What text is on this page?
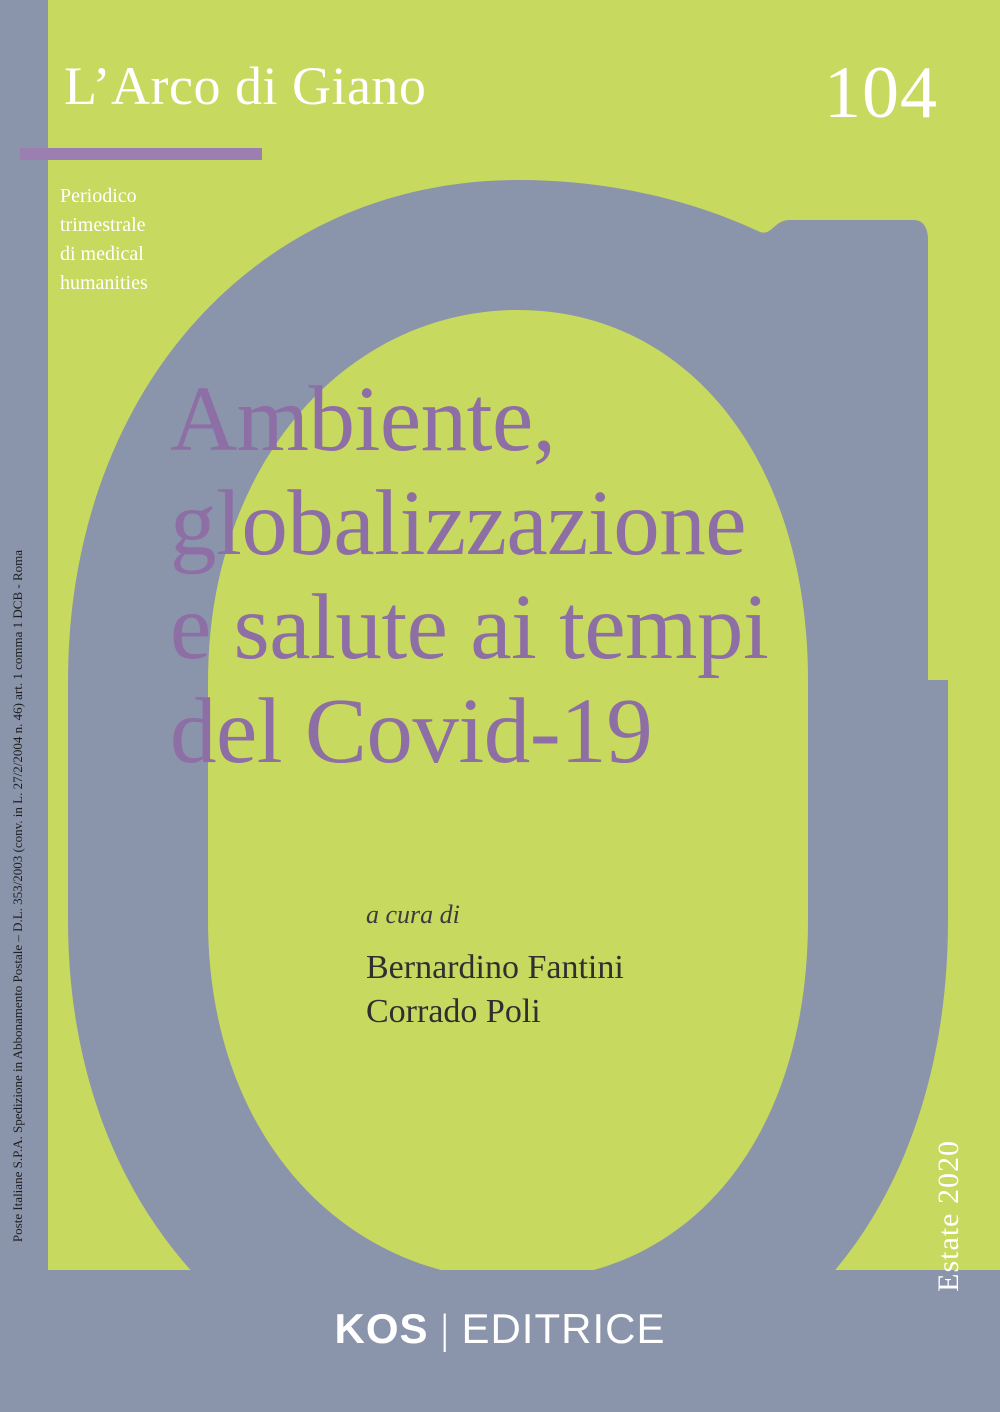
L’Arco di Giano	104
Periodico
trimestrale
di medical
humanities
Ambiente,
globalizzazione
e salute ai tempi
del Covid-19
a cura di
Bernardino Fantini
Corrado Poli
KOS | EDITRICE
Poste Italiane S.P.A. Spedizione in Abbonamento Postale – D.L. 353/2003 (conv. in L. 27/2/2004 n. 46) art. 1 comma 1 DCB - Roma	Estate 2020
